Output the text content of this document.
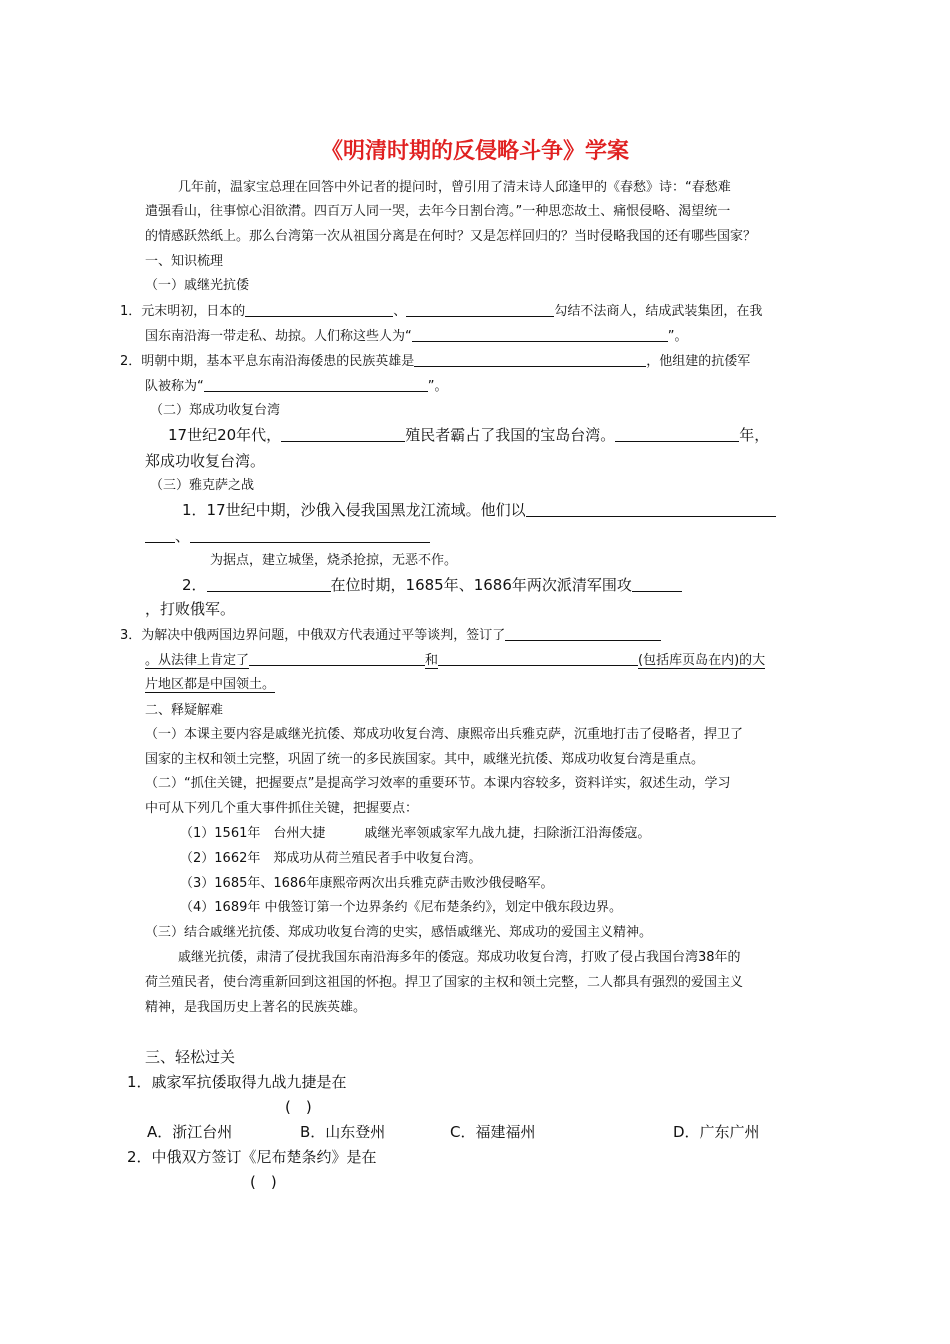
《明清时期的反侵略斗争》学案
几年前，温家宝总理在回答中外记者的提问时，曾引用了清末诗人邱逢甲的《春愁》诗：“春愁难
遣强看山，往事惊心泪欲潸。四百万人同一哭，去年今日割台湾。”一种思恋故土、痛恨侵略、渴望统一
的情感跃然纸上。那么台湾第一次从祖国分离是在何时？又是怎样回归的？当时侵略我国的还有哪些国家？
一、知识梳理
（一）戚继光抗倭
1．元末明初，日本的	、	勾结不法商人，结成武装集团，在我
国东南沿海一带走私、劫掠。人们称这些人为“	”。
2．明朝中期，基本平息东南沿海倭患的民族英雄是	，他组建的抗倭军
队被称为“	”。
（二）郑成功收复台湾
17世纪20年代，	殖民者霸占了我国的宝岛台湾。	年，
郑成功收复台湾。
（三）雅克萨之战
1．17世纪中期，沙俄入侵我国黑龙江流域。他们以
、
为据点，建立城堡，烧杀抢掠，无恶不作。
2．	在位时期，1685年、1686年两次派清军围攻
，打败俄军。
3．为解决中俄两国边界问题，中俄双方代表通过平等谈判，签订了
。从法律上肯定了	和	(包括库页岛在内)的大
片地区都是中国领土。
二、释疑解难
（一）本课主要内容是戚继光抗倭、郑成功收复台湾、康熙帝出兵雅克萨，沉重地打击了侵略者，捍卫了
国家的主权和领土完整，巩固了统一的多民族国家。其中，戚继光抗倭、郑成功收复台湾是重点。
（二）“抓住关键，把握要点”是提高学习效率的重要环节。本课内容较多，资料详实，叙述生动，学习
中可从下列几个重大事件抓住关键，把握要点：
（1）1561年　台州大捷　　　戚继光率领戚家军九战九捷，扫除浙江沿海倭寇。
（2）1662年　郑成功从荷兰殖民者手中收复台湾。
（3）1685年、1686年康熙帝两次出兵雅克萨击败沙俄侵略军。
（4）1689年 中俄签订第一个边界条约《尼布楚条约》，划定中俄东段边界。
（三）结合戚继光抗倭、郑成功收复台湾的史实，感悟戚继光、郑成功的爱国主义精神。
戚继光抗倭，肃清了侵扰我国东南沿海多年的倭寇。郑成功收复台湾，打败了侵占我国台湾38年的
荷兰殖民者，使台湾重新回到这祖国的怀抱。捍卫了国家的主权和领土完整，二人都具有强烈的爱国主义
精神，是我国历史上著名的民族英雄。
三、轻松过关
1．戚家军抗倭取得九战九捷是在
(　)
A．浙江台州	B．山东登州	C．福建福州	D．广东广州
2．中俄双方签订《尼布楚条约》是在
(　)
